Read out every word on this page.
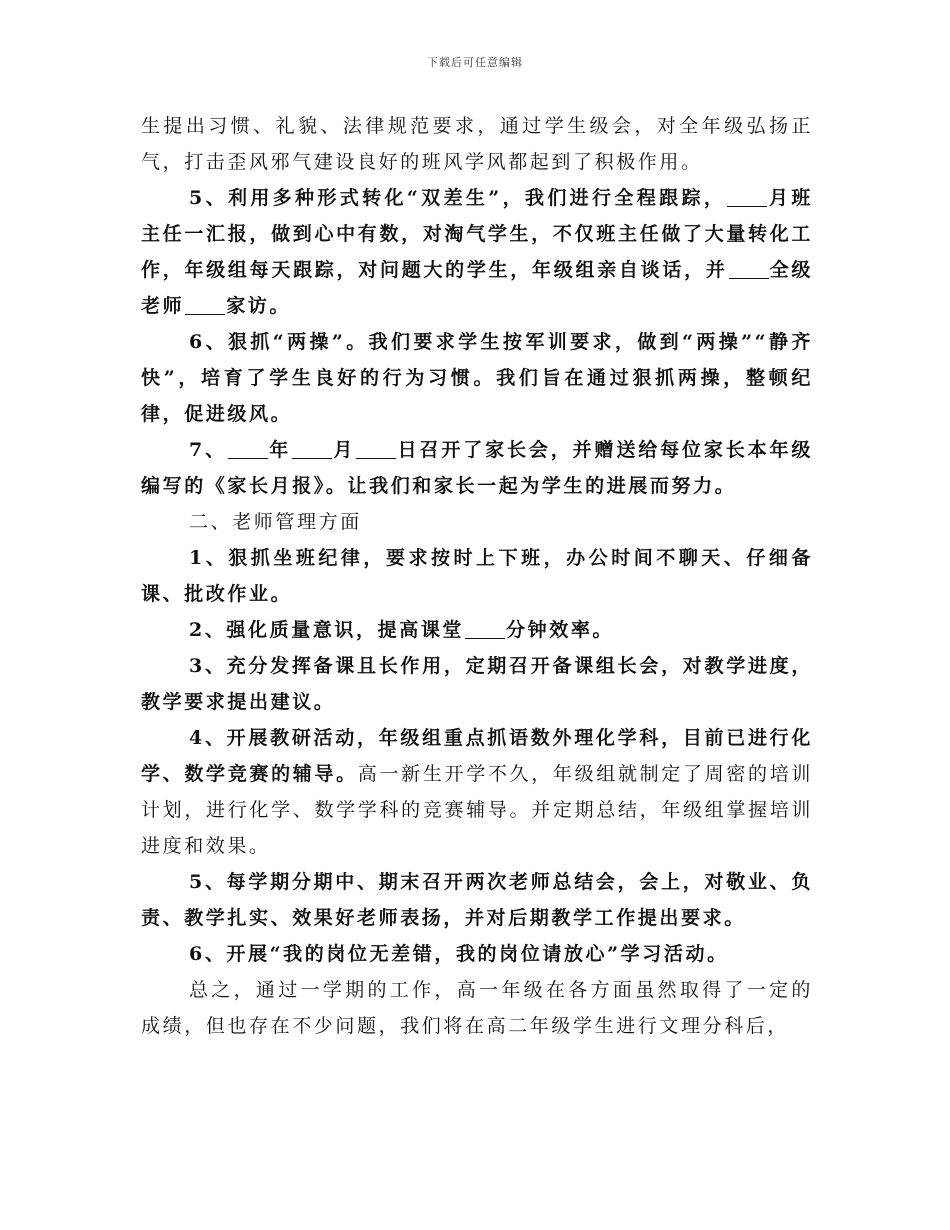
下载后可任意编辑

生提出习惯、礼貌、法律规范要求，通过学生级会，对全年级弘扬正气，打击歪风邪气建设良好的班风学风都起到了积极作用。

5、利用多种形式转化“双差生”，我们进行全程跟踪， 月班主任一汇报，做到心中有数，对淘气学生，不仅班主任做了大量转化工作，年级组每天跟踪，对问题大的学生，年级组亲自谈话，并 全级老师 家访。

6、狠抓“两操”。我们要求学生按军训要求，做到“两操”“静齐快”，培育了学生良好的行为习惯。我们旨在通过狠抓两操，整顿纪律，促进级风。

7、 年 月 日召开了家长会，并赠送给每位家长本年级编写的《家长月报》。让我们和家长一起为学生的进展而努力。

二、老师管理方面

1、狠抓坐班纪律，要求按时上下班，办公时间不聊天、仔细备课、批改作业。

2、强化质量意识，提高课堂 分钟效率。

3、充分发挥备课且长作用，定期召开备课组长会，对教学进度，教学要求提出建议。

4、开展教研活动，年级组重点抓语数外理化学科，目前已进行化学、数学竞赛的辅导。高一新生开学不久，年级组就制定了周密的培训计划，进行化学、数学学科的竞赛辅导。并定期总结，年级组掌握培训进度和效果。

5、每学期分期中、期末召开两次老师总结会，会上，对敬业、负责、教学扎实、效果好老师表扬，并对后期教学工作提出要求。

6、开展“我的岗位无差错，我的岗位请放心”学习活动。

总之，通过一学期的工作，高一年级在各方面虽然取得了一定的成绩，但也存在不少问题，我们将在高二年级学生进行文理分科后，
